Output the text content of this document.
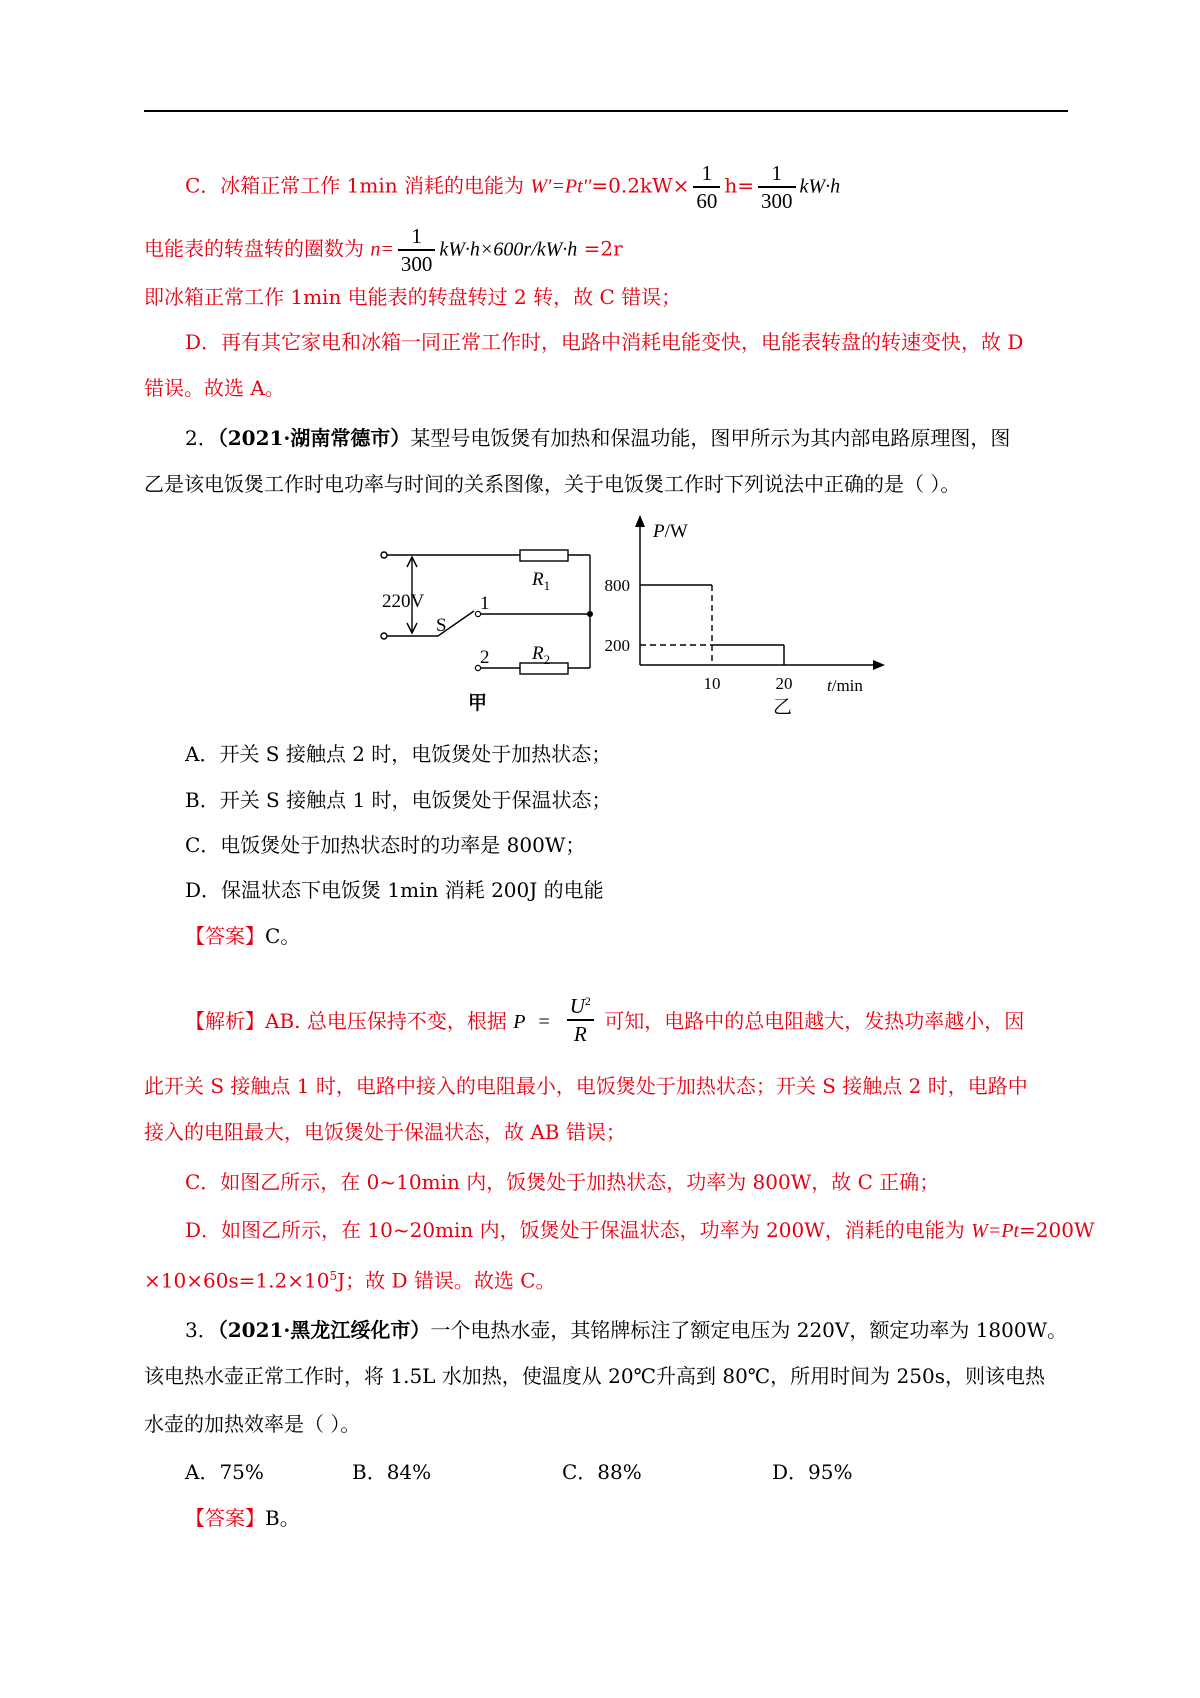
C．冰箱正常工作 1min 消耗的电能为 $W'=Pt''=0.2kW\times \frac{1}{60} h= \frac{1}{300} kW\cdot h$
电能表的转盘转的圈数为 $n= \frac{1}{300} kW\cdot h\times 600r/kW\cdot h =2r$
即冰箱正常工作 1min 电能表的转盘转过 2 转，故 C 错误；
D．再有其它家电和冰箱一同正常工作时，电路中消耗电能变快，电能表转盘的转速变快，故 D
错误。故选 A。
2．（2021·湖南常德市）某型号电饭煲有加热和保温功能，图甲所示为其内部电路原理图，图
乙是该电饭煲工作时电功率与时间的关系图像，关于电饭煲工作时下列说法中正确的是（ ）。
220V
S
1
2
$R_1$
$R_2$
甲
P/W
t/min
800
200
10	20
乙
A．开关 S 接触点 2 时，电饭煲处于加热状态；
B．开关 S 接触点 1 时，电饭煲处于保温状态；
C．电饭煲处于加热状态时的功率是 800W；
D．保温状态下电饭煲 1min 消耗 200J 的电能
【答案】C。
【解析】AB. 总电压保持不变，根据 $P = \frac{U^2}{R}$ 可知，电路中的总电阻越大，发热功率越小，因
此开关 S 接触点 1 时，电路中接入的电阻最小，电饭煲处于加热状态；开关 S 接触点 2 时，电路中
接入的电阻最大，电饭煲处于保温状态，故 AB 错误；
C．如图乙所示，在 0~10min 内，饭煲处于加热状态，功率为 800W，故 C 正确；
D．如图乙所示，在 10~20min 内，饭煲处于保温状态，功率为 200W，消耗的电能为 W=Pt=200W
$\times 10\times 60s=1.2\times 10^5J$；故 D 错误。故选 C。
3．（2021·黑龙江绥化市）一个电热水壶，其铭牌标注了额定电压为 220V，额定功率为 1800W。
该电热水壶正常工作时，将 1.5L 水加热，使温度从 20℃升高到 80℃，所用时间为 250s，则该电热
水壶的加热效率是（ ）。
A．75%	B．84%	C．88%	D．95%
【答案】B。
